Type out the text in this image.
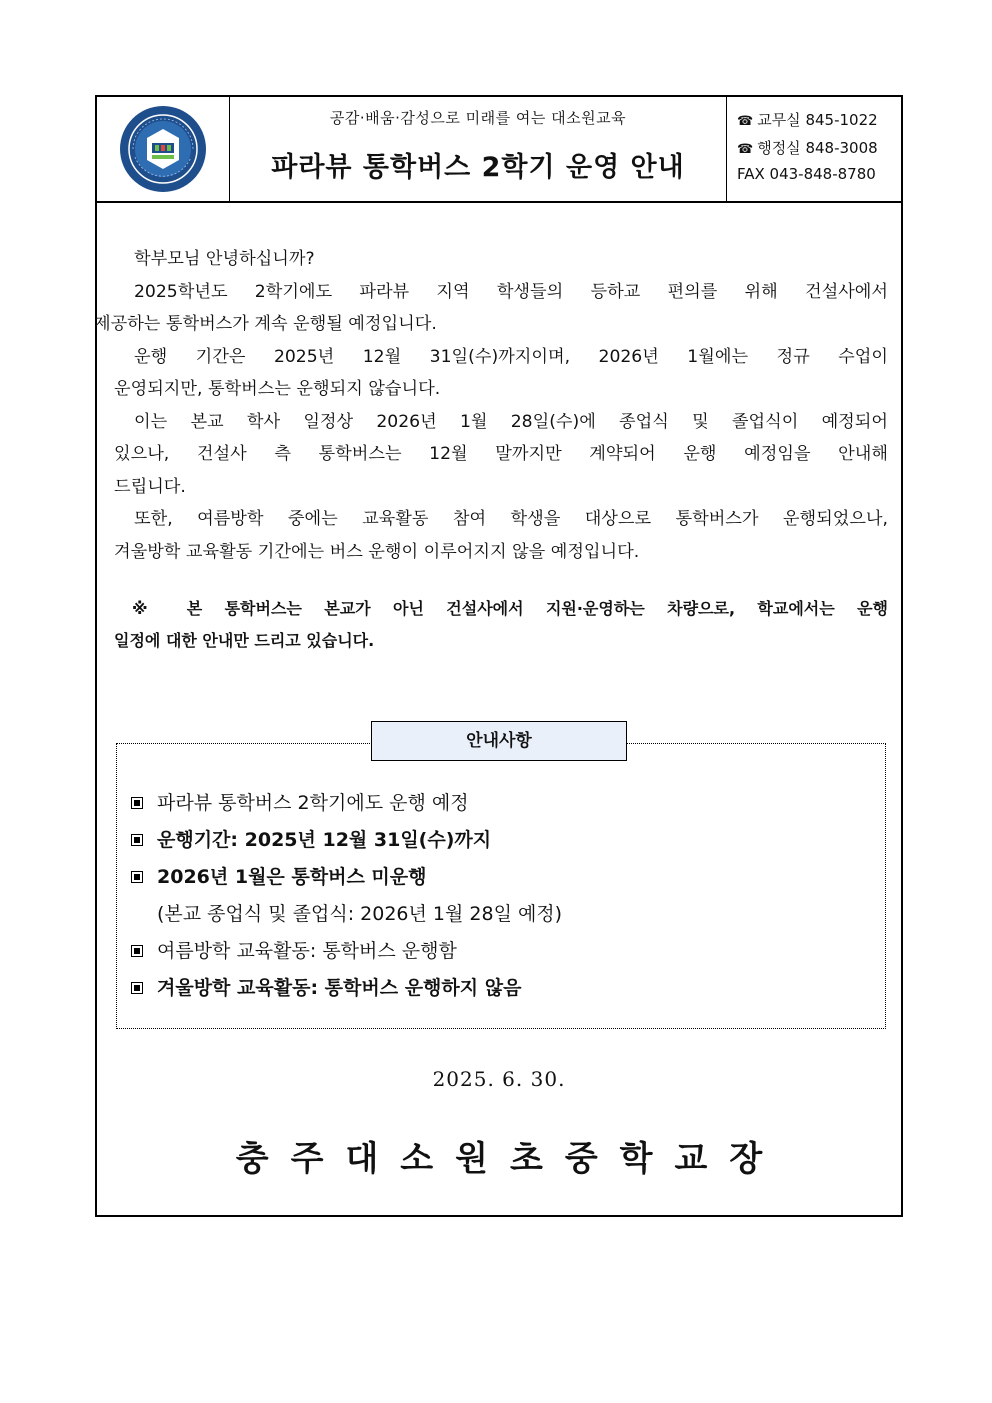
공감·배움·감성으로 미래를 여는 대소원교육
파라뷰 통학버스 2학기 운영 안내
☎ 교무실 845-1022
☎ 행정실 848-3008
FAX 043-848-8780

학부모님 안녕하십니까?

2025학년도 2학기에도 파라뷰 지역 학생들의 등하교 편의를 위해 건설사에서
제공하는 통학버스가 계속 운행될 예정입니다.

운행 기간은 2025년 12월 31일(수)까지이며, 2026년 1월에는 정규 수업이
운영되지만, 통학버스는 운행되지 않습니다.

이는 본교 학사 일정상 2026년 1월 28일(수)에 종업식 및 졸업식이 예정되어
있으나, 건설사 측 통학버스는 12월 말까지만 계약되어 운행 예정임을 안내해
드립니다.

또한, 여름방학 중에는 교육활동 참여 학생을 대상으로 통학버스가 운행되었으나,
겨울방학 교육활동 기간에는 버스 운행이 이루어지지 않을 예정입니다.

※ 본 통학버스는 본교가 아닌 건설사에서 지원·운영하는 차량으로, 학교에서는 운행
일정에 대한 안내만 드리고 있습니다.
안내사항
파라뷰 통학버스 2학기에도 운행 예정
운행기간: 2025년 12월 31일(수)까지
2026년 1월은 통학버스 미운행
(본교 종업식 및 졸업식: 2026년 1월 28일 예정)
여름방학 교육활동: 통학버스 운행함
겨울방학 교육활동: 통학버스 운행하지 않음
2025. 6. 30.
충주대소원초중학교장
